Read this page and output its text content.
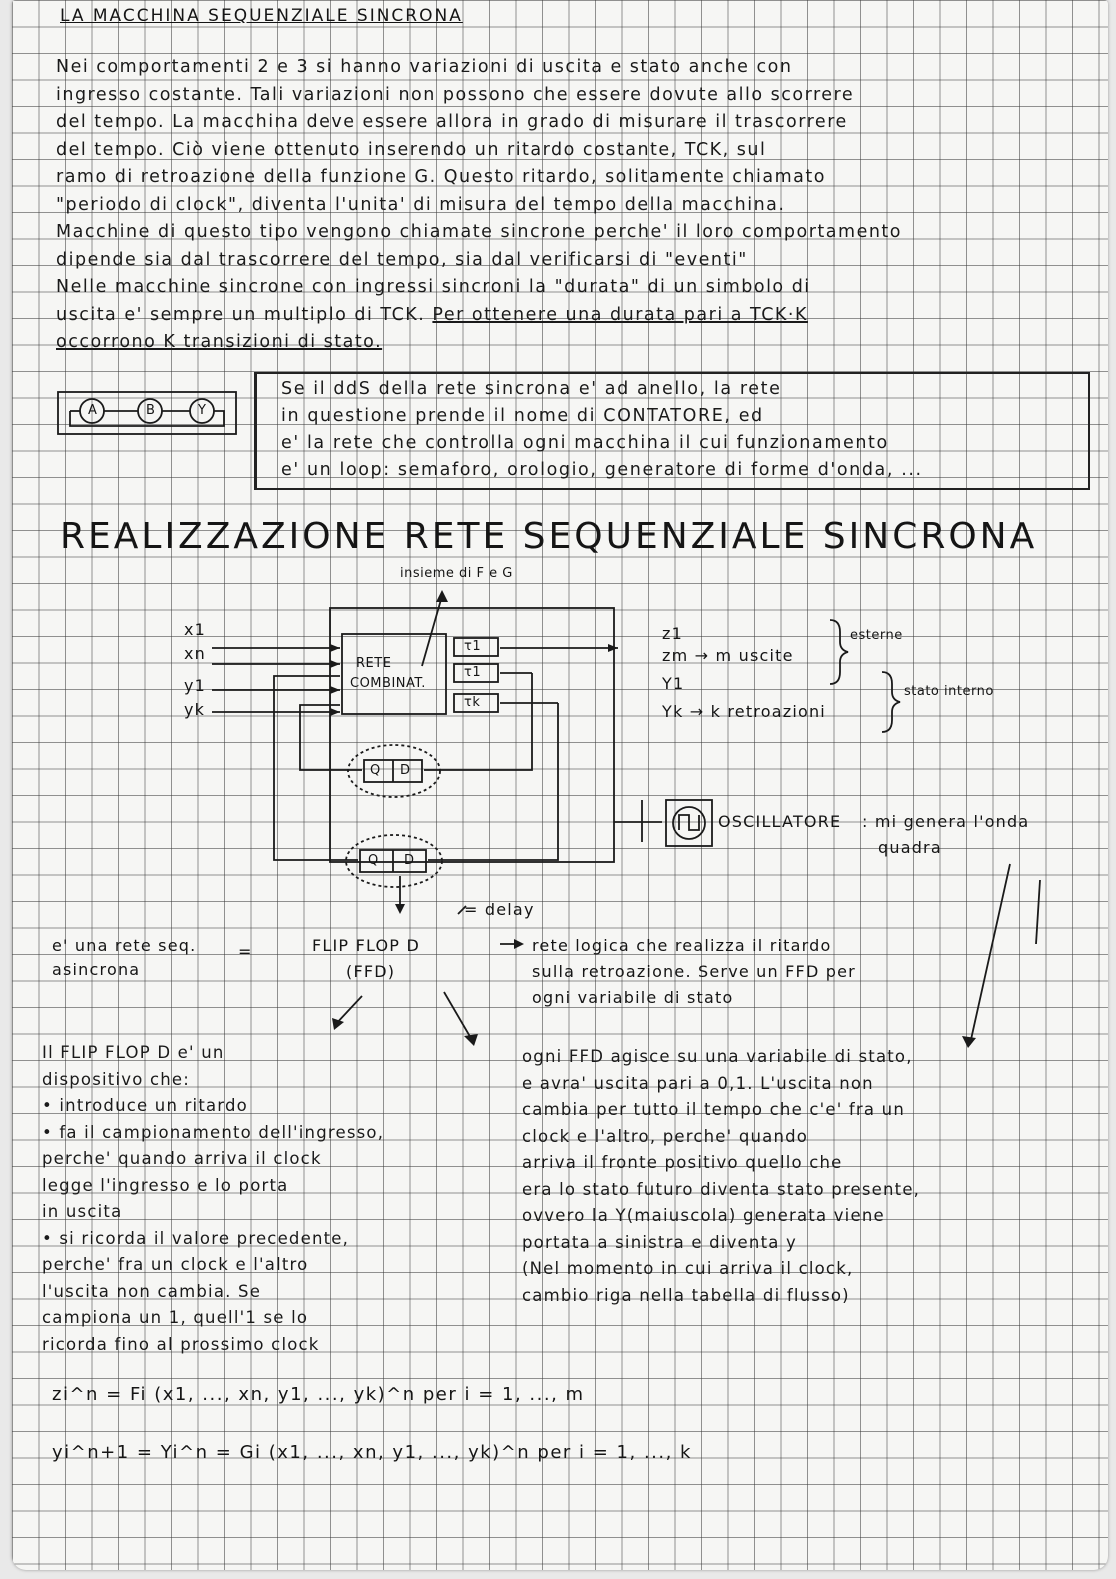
LA MACCHINA SEQUENZIALE SINCRONA
Nei comportamenti 2 e 3 si hanno variazioni di uscita e stato anche con
ingresso costante. Tali variazioni non possono che essere dovute allo scorrere
del tempo. La macchina deve essere allora in grado di misurare il trascorrere
del tempo. Ciò viene ottenuto inserendo un ritardo costante, TCK, sul
ramo di retroazione della funzione G. Questo ritardo, solitamente chiamato
"periodo di clock", diventa l'unita' di misura del tempo della macchina.
Macchine di questo tipo vengono chiamate sincrone perche' il loro comportamento
dipende sia dal trascorrere del tempo, sia dal verificarsi di "eventi"
Nelle macchine sincrone con ingressi sincroni la "durata" di un simbolo di
uscita e' sempre un multiplo di TCK. Per ottenere una durata pari a TCK·K
occorrono K transizioni di stato.
Se il ddS della rete sincrona e' ad anello, la rete
in questione prende il nome di CONTATORE, ed
e' la rete che controlla ogni macchina il cui funzionamento
e' un loop: semaforo, orologio, generatore di forme d'onda, ...
REALIZZAZIONE RETE SEQUENZIALE SINCRONA
A	B	Y
insieme di F e G
RETE
COMBINAT.
x1
xn
y1
yk
τ1
τ1
τk
z1
zm → m uscite
Y1
Yk → k retroazioni
esterne
stato interno
Q D
Q D
OSCILLATORE : mi genera l'onda
quadra
= delay
e' una rete seq.
asincrona
=	FLIP FLOP D
(FFD)
rete logica che realizza il ritardo
sulla retroazione. Serve un FFD per
ogni variabile di stato
Il FLIP FLOP D e' un
dispositivo che:
• introduce un ritardo
• fa il campionamento dell'ingresso,
perche' quando arriva il clock
legge l'ingresso e lo porta
in uscita
• si ricorda il valore precedente,
perche' fra un clock e l'altro
l'uscita non cambia. Se
campiona un 1, quell'1 se lo
ricorda fino al prossimo clock
ogni FFD agisce su una variabile di stato,
e avra' uscita pari a 0,1. L'uscita non
cambia per tutto il tempo che c'e' fra un
clock e l'altro, perche' quando
arriva il fronte positivo quello che
era lo stato futuro diventa stato presente,
ovvero la Y(maiuscola) generata viene
portata a sinistra e diventa y
(Nel momento in cui arriva il clock,
cambio riga nella tabella di flusso)
zi^n = Fi (x1, ..., xn, y1, ..., yk)^n per i = 1, ..., m
yi^n+1 = Yi^n = Gi (x1, ..., xn, y1, ..., yk)^n per i = 1, ..., k
